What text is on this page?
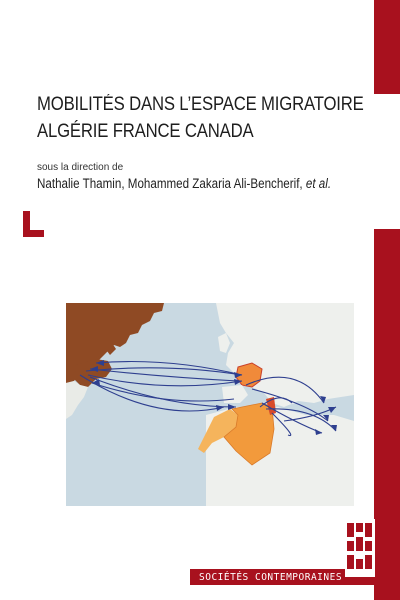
MOBILITÉS DANS L’ESPACE MIGRATOIRE
ALGÉRIE FRANCE CANADA
sous la direction de
Nathalie Thamin, Mohammed Zakaria Ali-Bencherif, et al.
SOCIÉTÉS CONTEMPORAINES
